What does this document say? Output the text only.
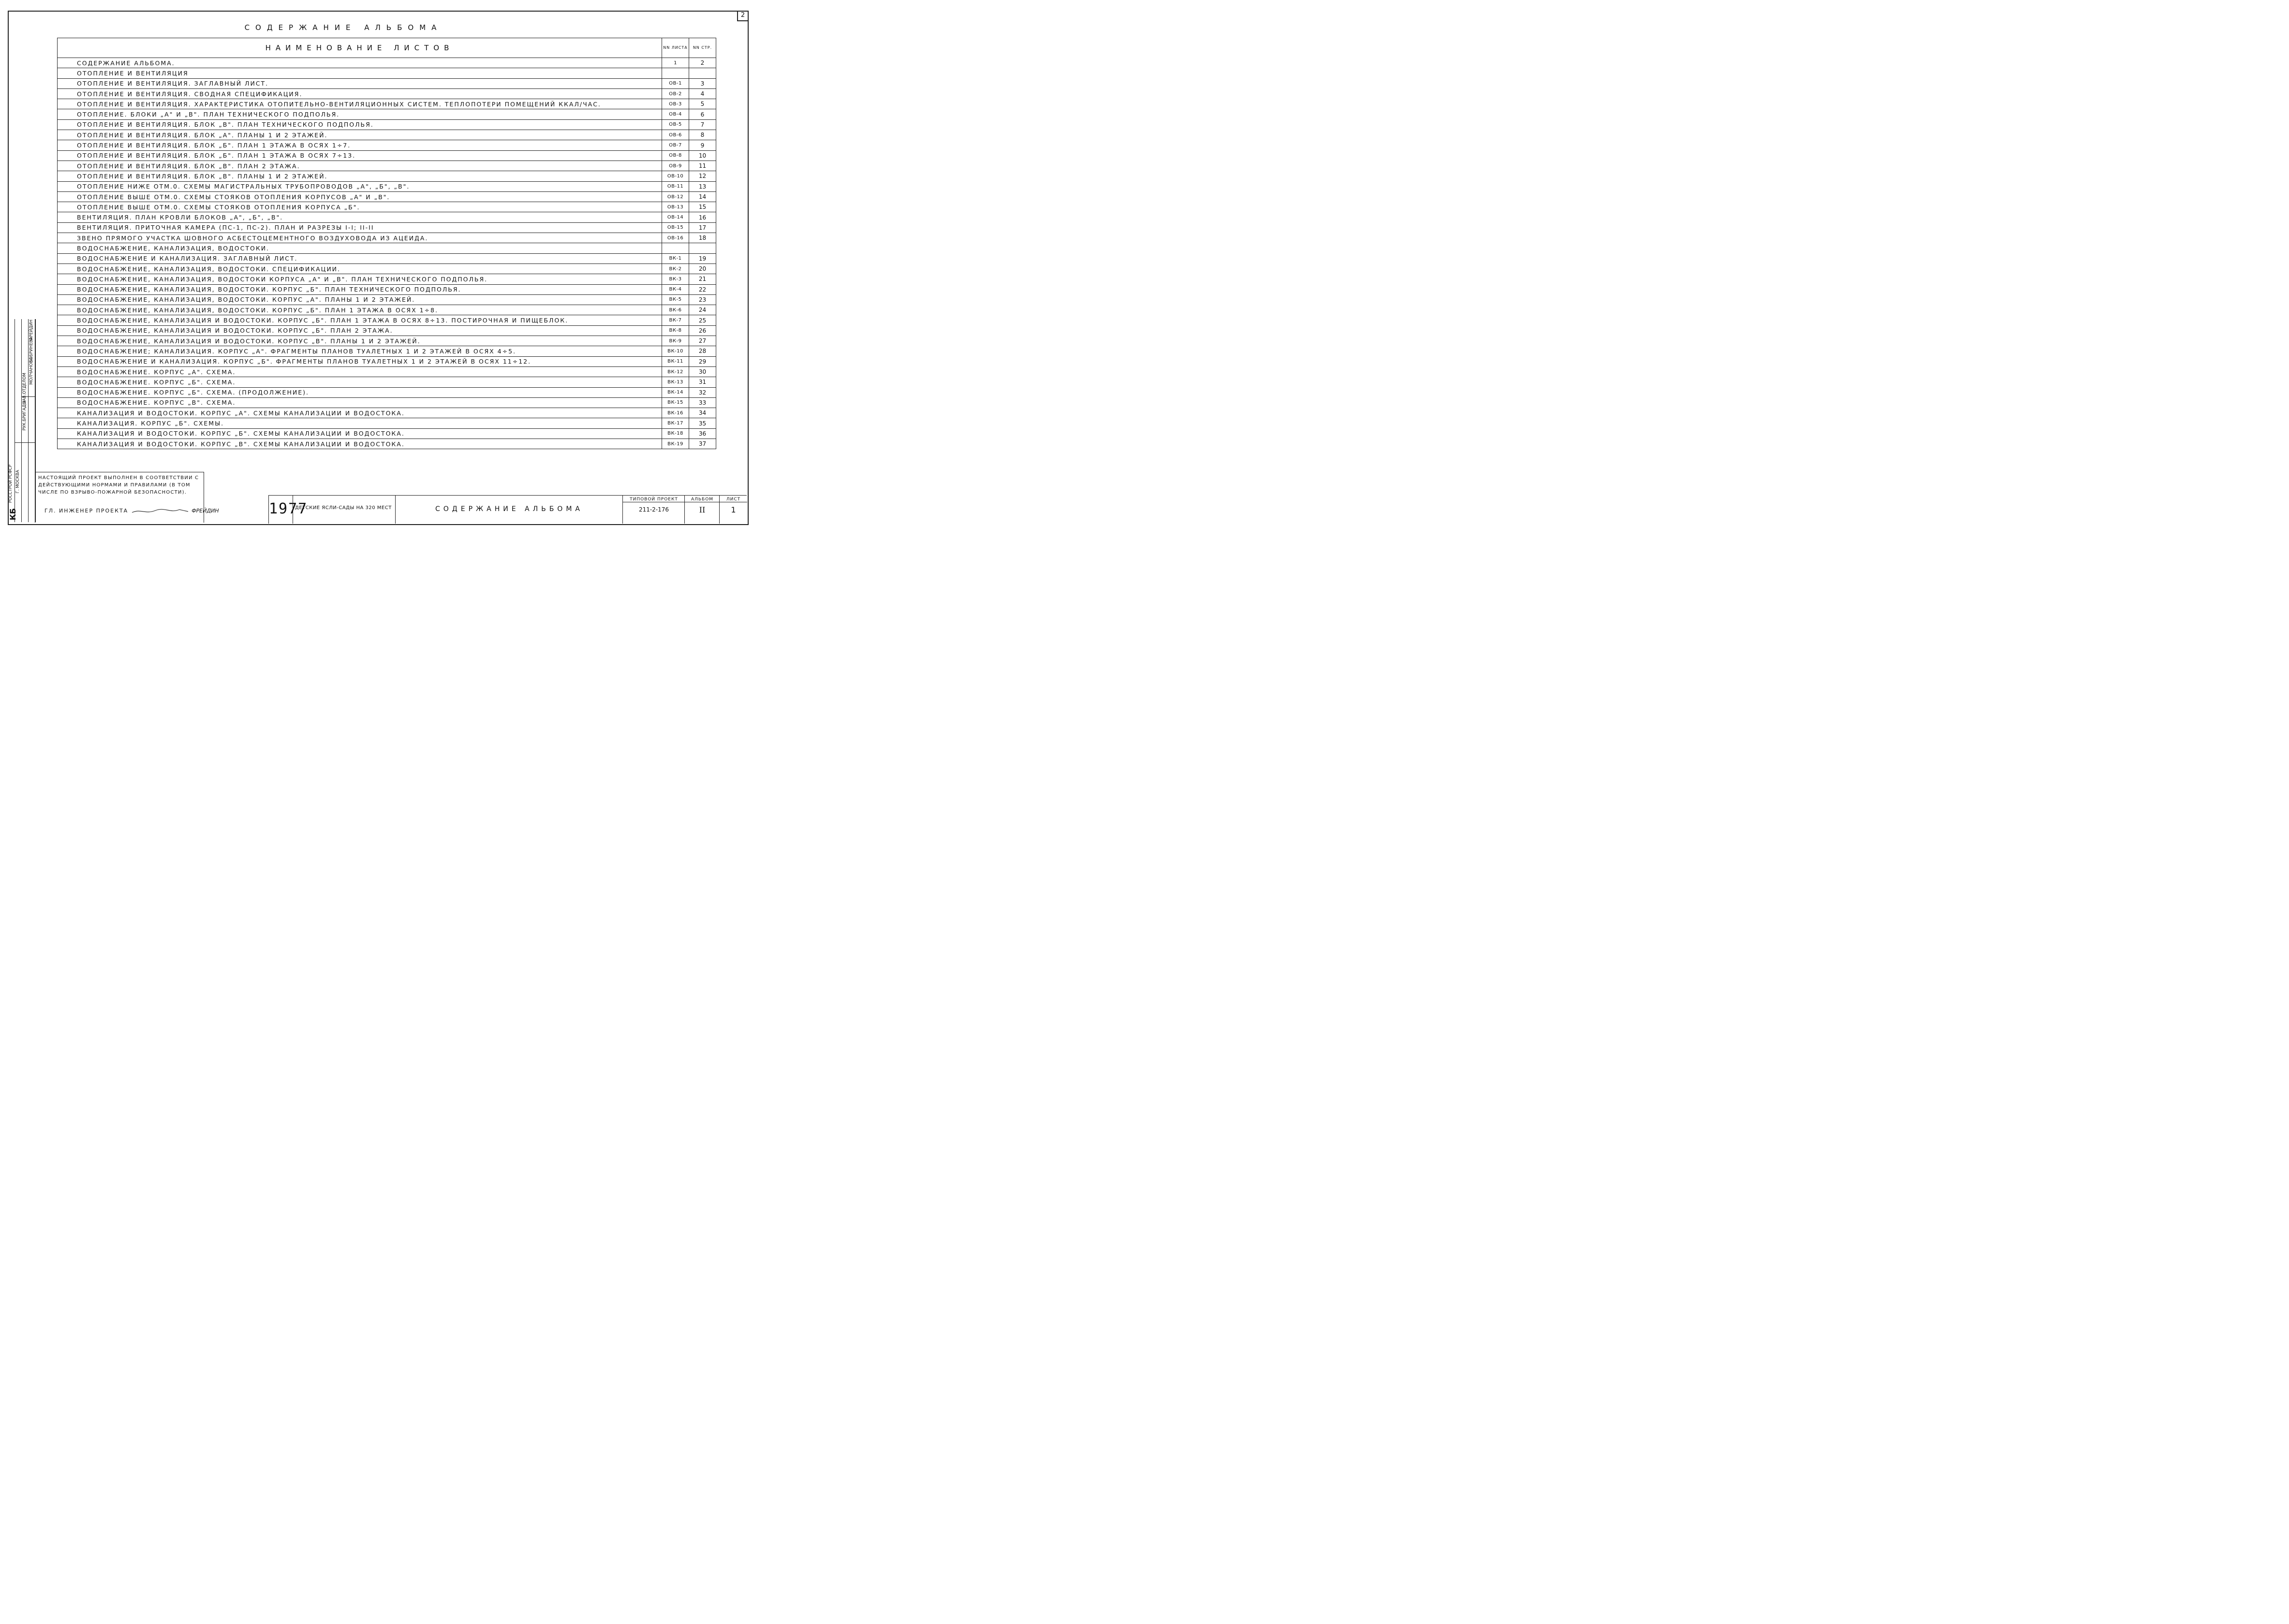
2
СОДЕРЖАНИЕ АЛЬБОМА
НАИМЕНОВАНИЕ ЛИСТОВ	NN ЛИСТА	NN СТР.
СОДЕРЖАНИЕ АЛЬБОМА.	1	2
ОТОПЛЕНИЕ И ВЕНТИЛЯЦИЯ		
ОТОПЛЕНИЕ И ВЕНТИЛЯЦИЯ. ЗАГЛАВНЫЙ ЛИСТ.	ОВ-1	3
ОТОПЛЕНИЕ И ВЕНТИЛЯЦИЯ. СВОДНАЯ СПЕЦИФИКАЦИЯ.	ОВ-2	4
ОТОПЛЕНИЕ И ВЕНТИЛЯЦИЯ. ХАРАКТЕРИСТИКА ОТОПИТЕЛЬНО-ВЕНТИЛЯЦИОННЫХ СИСТЕМ. ТЕПЛОПОТЕРИ ПОМЕЩЕНИЙ ККАЛ/ЧАС.	ОВ-3	5
ОТОПЛЕНИЕ. БЛОКИ „А" И „В". ПЛАН ТЕХНИЧЕСКОГО ПОДПОЛЬЯ.	ОВ-4	6
ОТОПЛЕНИЕ И ВЕНТИЛЯЦИЯ. БЛОК „В". ПЛАН ТЕХНИЧЕСКОГО ПОДПОЛЬЯ.	ОВ-5	7
ОТОПЛЕНИЕ И ВЕНТИЛЯЦИЯ. БЛОК „А". ПЛАНЫ 1 И 2 ЭТАЖЕЙ.	ОВ-6	8
ОТОПЛЕНИЕ И ВЕНТИЛЯЦИЯ. БЛОК „Б". ПЛАН 1 ЭТАЖА В ОСЯХ 1÷7.	ОВ-7	9
ОТОПЛЕНИЕ И ВЕНТИЛЯЦИЯ. БЛОК „Б". ПЛАН 1 ЭТАЖА В ОСЯХ 7÷13.	ОВ-8	10
ОТОПЛЕНИЕ И ВЕНТИЛЯЦИЯ. БЛОК „В". ПЛАН 2 ЭТАЖА.	ОВ-9	11
ОТОПЛЕНИЕ И ВЕНТИЛЯЦИЯ. БЛОК „В". ПЛАНЫ 1 И 2 ЭТАЖЕЙ.	ОВ-10	12
ОТОПЛЕНИЕ НИЖЕ ОТМ.0. СХЕМЫ МАГИСТРАЛЬНЫХ ТРУБОПРОВОДОВ „А", „Б", „В".	ОВ-11	13
ОТОПЛЕНИЕ ВЫШЕ ОТМ.0. СХЕМЫ СТОЯКОВ ОТОПЛЕНИЯ КОРПУСОВ „А" И „В".	ОВ-12	14
ОТОПЛЕНИЕ ВЫШЕ ОТМ.0. СХЕМЫ СТОЯКОВ ОТОПЛЕНИЯ КОРПУСА „Б".	ОВ-13	15
ВЕНТИЛЯЦИЯ. ПЛАН КРОВЛИ БЛОКОВ „А", „Б", „В".	ОВ-14	16
ВЕНТИЛЯЦИЯ. ПРИТОЧНАЯ КАМЕРА (ПС-1, ПС-2). ПЛАН И РАЗРЕЗЫ I-I; II-II	ОВ-15	17
ЗВЕНО ПРЯМОГО УЧАСТКА ШОВНОГО АСБЕСТОЦЕМЕНТНОГО ВОЗДУХОВОДА ИЗ АЦЕИДА.	ОВ-16	18
ВОДОСНАБЖЕНИЕ, КАНАЛИЗАЦИЯ, ВОДОСТОКИ.		
ВОДОСНАБЖЕНИЕ И КАНАЛИЗАЦИЯ. ЗАГЛАВНЫЙ ЛИСТ.	ВК-1	19
ВОДОСНАБЖЕНИЕ, КАНАЛИЗАЦИЯ, ВОДОСТОКИ. СПЕЦИФИКАЦИИ.	ВК-2	20
ВОДОСНАБЖЕНИЕ, КАНАЛИЗАЦИЯ, ВОДОСТОКИ КОРПУСА „А" И „В". ПЛАН ТЕХНИЧЕСКОГО ПОДПОЛЬЯ.	ВК-3	21
ВОДОСНАБЖЕНИЕ, КАНАЛИЗАЦИЯ, ВОДОСТОКИ. КОРПУС „Б". ПЛАН ТЕХНИЧЕСКОГО ПОДПОЛЬЯ.	ВК-4	22
ВОДОСНАБЖЕНИЕ, КАНАЛИЗАЦИЯ, ВОДОСТОКИ. КОРПУС „А". ПЛАНЫ 1 И 2 ЭТАЖЕЙ.	ВК-5	23
ВОДОСНАБЖЕНИЕ, КАНАЛИЗАЦИЯ, ВОДОСТОКИ. КОРПУС „Б". ПЛАН 1 ЭТАЖА В ОСЯХ 1÷8.	ВК-6	24
ВОДОСНАБЖЕНИЕ, КАНАЛИЗАЦИЯ И ВОДОСТОКИ. КОРПУС „Б". ПЛАН 1 ЭТАЖА В ОСЯХ 8÷13. ПОСТИРОЧНАЯ И ПИЩЕБЛОК.	ВК-7	25
ВОДОСНАБЖЕНИЕ, КАНАЛИЗАЦИЯ И ВОДОСТОКИ. КОРПУС „Б". ПЛАН 2 ЭТАЖА.	ВК-8	26
ВОДОСНАБЖЕНИЕ, КАНАЛИЗАЦИЯ И ВОДОСТОКИ. КОРПУС „В". ПЛАНЫ 1 И 2 ЭТАЖЕЙ.	ВК-9	27
ВОДОСНАБЖЕНИЕ; КАНАЛИЗАЦИЯ. КОРПУС „А". ФРАГМЕНТЫ ПЛАНОВ ТУАЛЕТНЫХ 1 И 2 ЭТАЖЕЙ В ОСЯХ 4÷5.	ВК-10	28
ВОДОСНАБЖЕНИЕ И КАНАЛИЗАЦИЯ. КОРПУС „Б". ФРАГМЕНТЫ ПЛАНОВ ТУАЛЕТНЫХ 1 И 2 ЭТАЖЕЙ В ОСЯХ 11÷12.	ВК-11	29
ВОДОСНАБЖЕНИЕ. КОРПУС „А". СХЕМА.	ВК-12	30
ВОДОСНАБЖЕНИЕ. КОРПУС „Б". СХЕМА.	ВК-13	31
ВОДОСНАБЖЕНИЕ. КОРПУС „Б". СХЕМА. (ПРОДОЛЖЕНИЕ).	ВК-14	32
ВОДОСНАБЖЕНИЕ. КОРПУС „В". СХЕМА.	ВК-15	33
КАНАЛИЗАЦИЯ И ВОДОСТОКИ. КОРПУС „А". СХЕМЫ КАНАЛИЗАЦИИ И ВОДОСТОКА.	ВК-16	34
КАНАЛИЗАЦИЯ. КОРПУС „Б". СХЕМЫ.	ВК-17	35
КАНАЛИЗАЦИЯ И ВОДОСТОКИ. КОРПУС „Б". СХЕМЫ КАНАЛИЗАЦИИ И ВОДОСТОКА.	ВК-18	36
КАНАЛИЗАЦИЯ И ВОДОСТОКИ. КОРПУС „В". СХЕМЫ КАНАЛИЗАЦИИ И ВОДОСТОКА.	ВК-19	37
КБ
РОССТРОЙ РСФСР Г. МОСКВА
ЗАВ.ОТДЕЛОМ
РУК.БРИГАДЫ
ФРЕЙДИН
БОБРИНЕВА
МОЛЧАНОВА

НАСТОЯЩИЙ ПРОЕКТ ВЫПОЛНЕН В СООТВЕТСТВИИ С ДЕЙСТВУЮЩИМИ НОРМАМИ И ПРАВИЛАМИ (В ТОМ ЧИСЛЕ ПО ВЗРЫВО-ПОЖАРНОЙ БЕЗОПАСНОСТИ).

ГЛ. ИНЖЕНЕР ПРОЕКТА	ФРЕЙДИН	1977
ДЕТСКИЕ ЯСЛИ-САДЫ НА 320 МЕСТ	СОДЕРЖАНИЕ АЛЬБОМА
ТИПОВОЙ ПРОЕКТ
211-2-176
АЛЬБОМ
II
ЛИСТ
1
